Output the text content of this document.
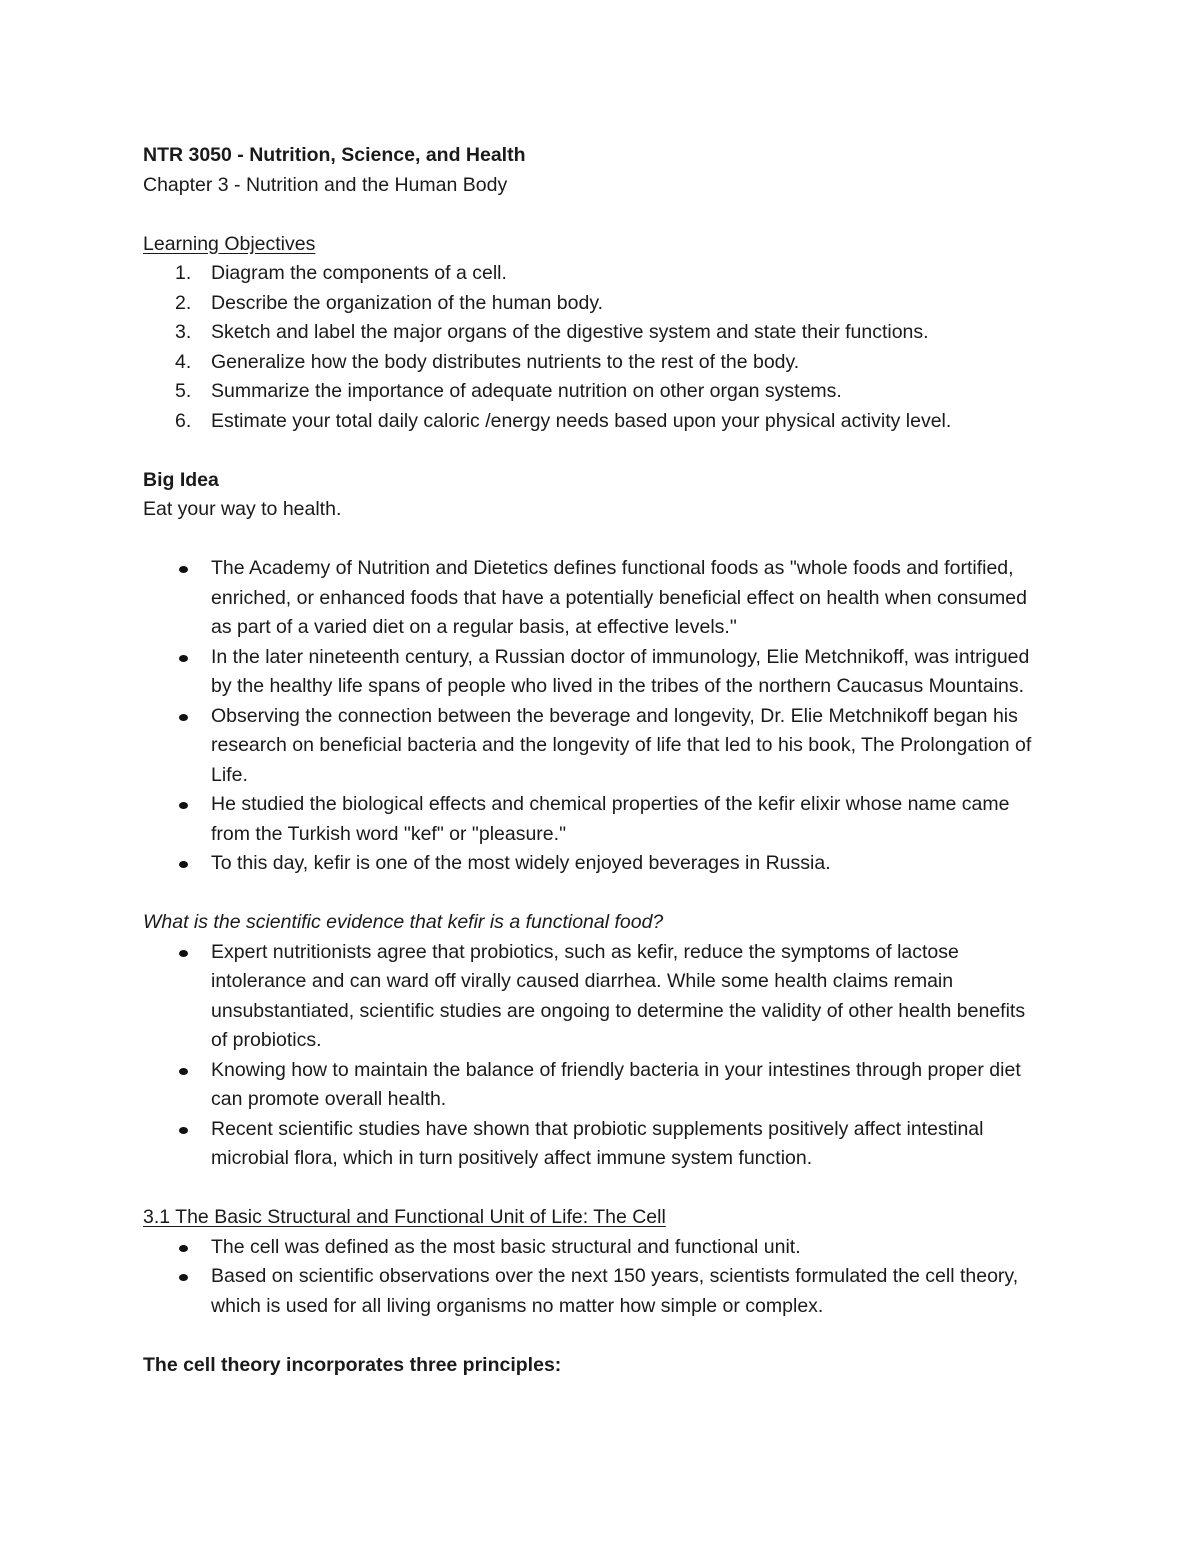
NTR 3050 - Nutrition, Science, and Health

Chapter 3 - Nutrition and the Human Body

Learning Objectives

1. Diagram the components of a cell.
2. Describe the organization of the human body.
3. Sketch and label the major organs of the digestive system and state their functions.
4. Generalize how the body distributes nutrients to the rest of the body.
5. Summarize the importance of adequate nutrition on other organ systems.
6. Estimate your total daily caloric /energy needs based upon your physical activity level.

Big Idea

Eat your way to health.

The Academy of Nutrition and Dietetics defines functional foods as "whole foods and fortified, enriched, or enhanced foods that have a potentially beneficial effect on health when consumed as part of a varied diet on a regular basis, at effective levels."
In the later nineteenth century, a Russian doctor of immunology, Elie Metchnikoff, was intrigued by the healthy life spans of people who lived in the tribes of the northern Caucasus Mountains.
Observing the connection between the beverage and longevity, Dr. Elie Metchnikoff began his research on beneficial bacteria and the longevity of life that led to his book, The Prolongation of Life.
He studied the biological effects and chemical properties of the kefir elixir whose name came from the Turkish word "kef" or "pleasure."
To this day, kefir is one of the most widely enjoyed beverages in Russia.

What is the scientific evidence that kefir is a functional food?

Expert nutritionists agree that probiotics, such as kefir, reduce the symptoms of lactose intolerance and can ward off virally caused diarrhea. While some health claims remain unsubstantiated, scientific studies are ongoing to determine the validity of other health benefits of probiotics.
Knowing how to maintain the balance of friendly bacteria in your intestines through proper diet can promote overall health.
Recent scientific studies have shown that probiotic supplements positively affect intestinal microbial flora, which in turn positively affect immune system function.

3.1 The Basic Structural and Functional Unit of Life: The Cell

The cell was defined as the most basic structural and functional unit.
Based on scientific observations over the next 150 years, scientists formulated the cell theory, which is used for all living organisms no matter how simple or complex.

The cell theory incorporates three principles:
